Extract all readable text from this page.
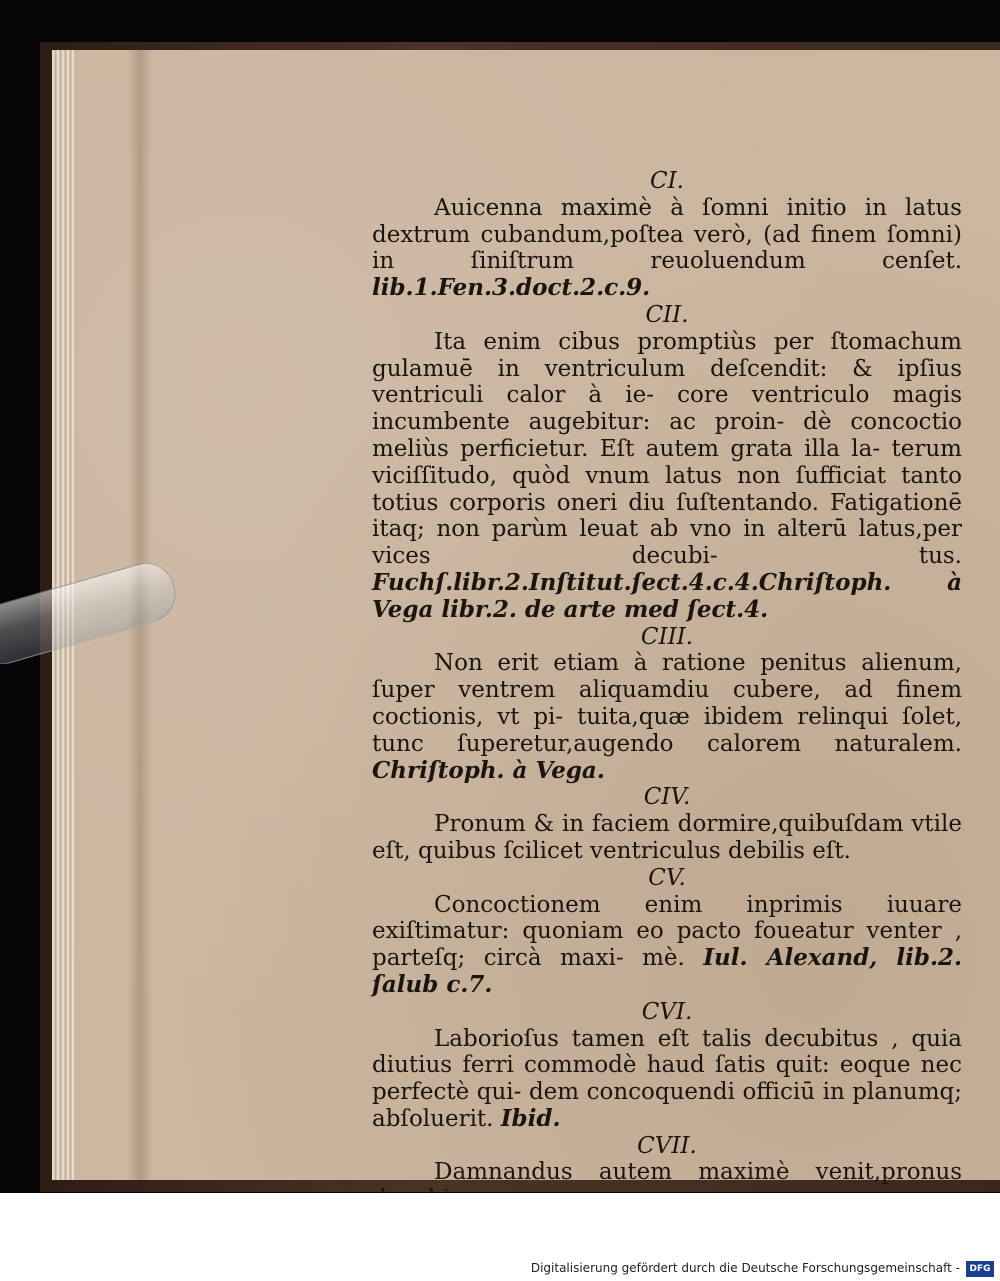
CI.

Auicenna maximè à ſomni initio in latus dextrum cubandum,poſtea verò, (ad finem ſomni) in ſiniſtrum	reuoluendum cenſet. lib.1.Fen.3.doct.2.c.9.

CII.

Ita enim cibus promptiùs per ſtomachum gulamuē in ventriculum deſcendit: & ipſius ventriculi calor à ie- core ventriculo magis incumbente augebitur: ac proin- dè concoctio meliùs perficietur. Eſt autem grata illa la- terum viciſſitudo, quòd vnum latus non ſufficiat tanto totius corporis oneri diu ſuſtentando. Fatigationē itaq; non parùm leuat ab vno in alterū latus,per vices decubi-	tus. Fuchſ.libr.2.Inſtitut.ſect.4.c.4.Chriſtoph. à Vega libr.2. de arte med ſect.4.

CIII.

Non erit etiam à ratione penitus alienum, ſuper ventrem aliquamdiu cubere, ad finem coctionis, vt pi- tuita,quæ ibidem relinqui ſolet, tunc ſuperetur,augendo calorem naturalem. Chriſtoph. à Vega.

CIV.

Pronum & in faciem dormire,quibuſdam vtile eſt, quibus ſcilicet ventriculus debilis eſt.

CV.

Concoctionem enim inprimis iuuare exiſtimatur: quoniam eo pacto foueatur venter , parteſq; circà maxi- mè. Iul. Alexand, lib.2. ſalub c.7.

CVI.

Laborioſus tamen eſt talis decubitus , quia diutius ferri commodè haud ſatis quit: eoque nec perfectè qui- dem concoquendi officiū in planumq; abſoluerit. Ibid.

CVII.

Damnandus autem maximè venit,pronus

Digitalisierung gefördert durch die Deutsche Forschungsgemeinschaft -	DFG
